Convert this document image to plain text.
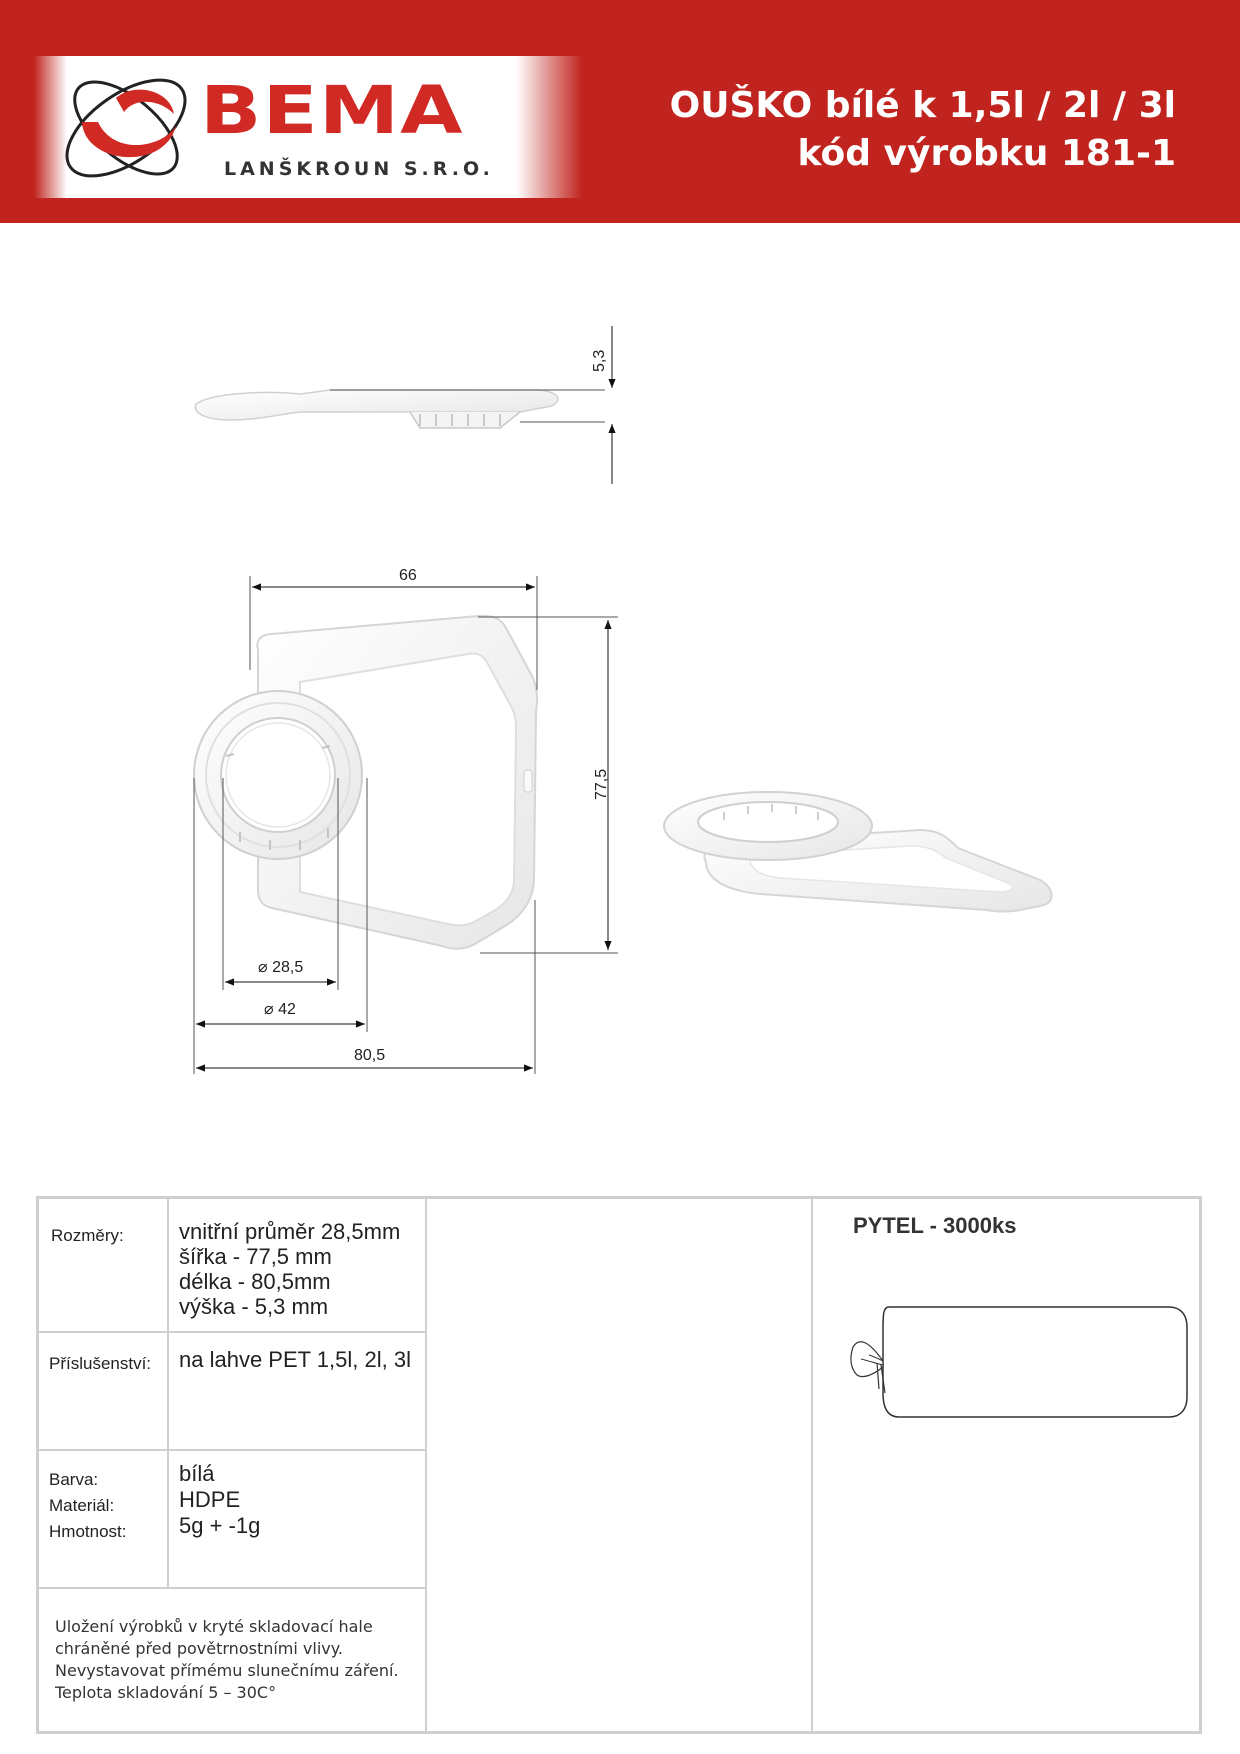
BEMA
LANŠKROUN S.R.O.
OUŠKO bílé k 1,5l / 2l / 3l
kód výrobku 181-1
5,3
66
77,5
⌀ 28,5
⌀ 42
80,5
Rozměry:	vnitřní průměr 28,5mm
šířka - 77,5 mm
délka - 80,5mm
výška - 5,3 mm
Příslušenství: na lahve PET 1,5l, 2l, 3l
Barva:
Materiál:
Hmotnost:
bílá
HDPE
5g + -1g
Uložení výrobků v kryté skladovací hale
chráněné před povětrnostními vlivy.
Nevystavovat přímému slunečnímu záření.
Teplota skladování 5 – 30C°
PYTEL - 3000ks
